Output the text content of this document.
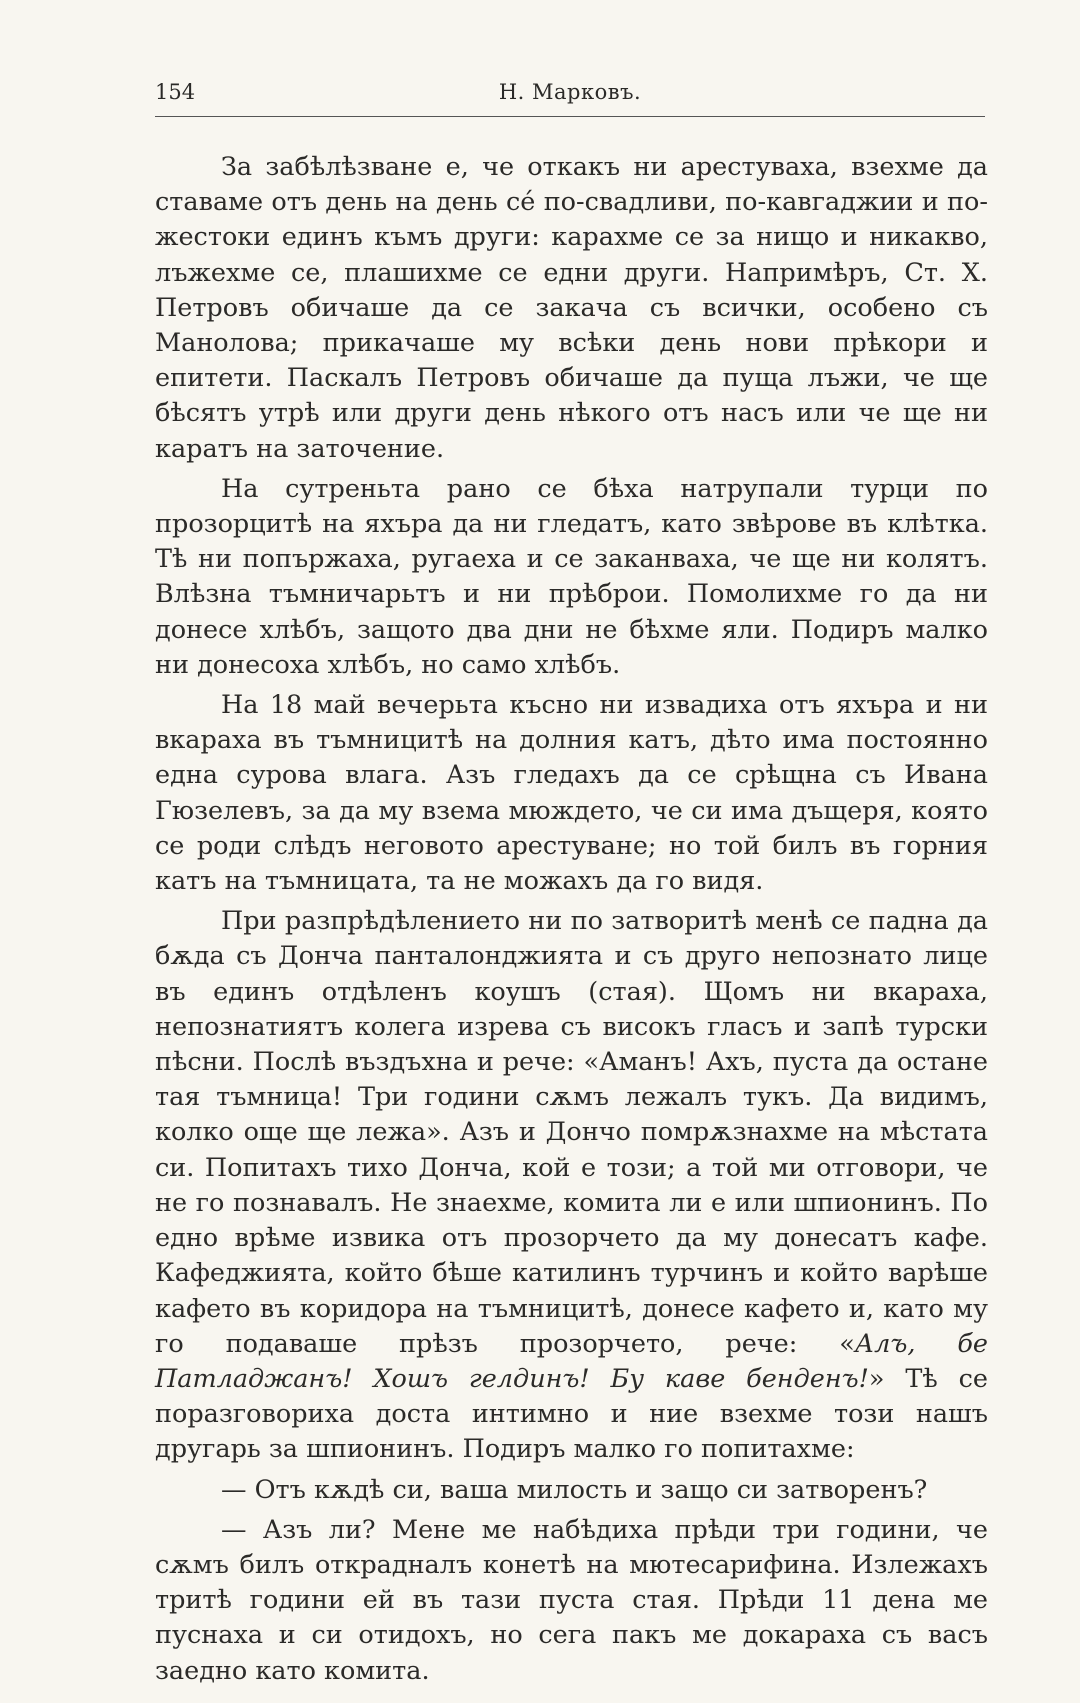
154	Н. Марковъ.

За забѣлѣзване е, че откакъ ни арестуваха, взехме да ставаме отъ день на день се́ по-свадливи, по-кавгаджии и по-жестоки единъ къмъ други: карахме се за нищо и никакво, лъжехме се, плашихме се едни други. Напримѣръ, Ст. Х. Петровъ обичаше да се закача съ всички, особено съ Манолова; прикачаше му всѣки день нови прѣкори и епитети. Паскалъ Петровъ обичаше да пуща лъжи, че ще бѣсятъ утрѣ или други день нѣкого отъ насъ или че ще ни каратъ на заточение.

На сутреньта рано се бѣха натрупали турци по прозорцитѣ на яхъра да ни гледатъ, като звѣрове въ клѣтка. Тѣ ни попържаха, ругаеха и се заканваха, че ще ни колятъ. Влѣзна тъмничарьтъ и ни прѣброи. Помолихме го да ни донесе хлѣбъ, защото два дни не бѣхме яли. Подиръ малко ни донесоха хлѣбъ, но само хлѣбъ.

На 18 май вечерьта късно ни извадиха отъ яхъра и ни вкараха въ тъмницитѣ на долния катъ, дѣто има постоянно една сурова влага. Азъ гледахъ да се срѣщна съ Ивана Гюзелевъ, за да му взема мюждето, че си има дъщеря, която се роди слѣдъ неговото арестуване; но той билъ въ горния катъ на тъмницата, та не можахъ да го видя.

При разпрѣдѣлението ни по затворитѣ менѣ се падна да бѫда съ Донча панталонджията и съ друго непознато лице въ единъ отдѣленъ коушъ (стая). Щомъ ни вкараха, непознатиятъ колега изрева съ високъ гласъ и запѣ турски пѣсни. Послѣ въздъхна и рече: «Аманъ! Ахъ, пуста да остане тая тъмница! Три години сѫмъ лежалъ тукъ. Да видимъ, колко още ще лежа». Азъ и Дончо помрѫзнахме на мѣстата си. Попитахъ тихо Донча, кой е този; а той ми отговори, че не го познавалъ. Не знаехме, комита ли е или шпионинъ. По едно врѣме извика отъ прозорчето да му донесатъ кафе. Кафеджията, който бѣше катилинъ турчинъ и който варѣше кафето въ коридора на тъмницитѣ, донесе кафето и, като му го подаваше прѣзъ прозорчето, рече: «Алъ, бе Патладжанъ! Хошъ гелдинъ! Бу каве бенденъ!» Тѣ се поразговориха доста интимно и ние взехме този нашъ другарь за шпионинъ. Подиръ малко го попитахме:

— Отъ кѫдѣ си, ваша милость и защо си затворенъ?

— Азъ ли? Мене ме набѣдиха прѣди три години, че сѫмъ билъ открадналъ конетѣ на мютесарифина. Излежахъ тритѣ години ей въ тази пуста стая. Прѣди 11 дена ме пуснаха и си отидохъ, но сега пакъ ме докараха съ васъ заедно като комита.
